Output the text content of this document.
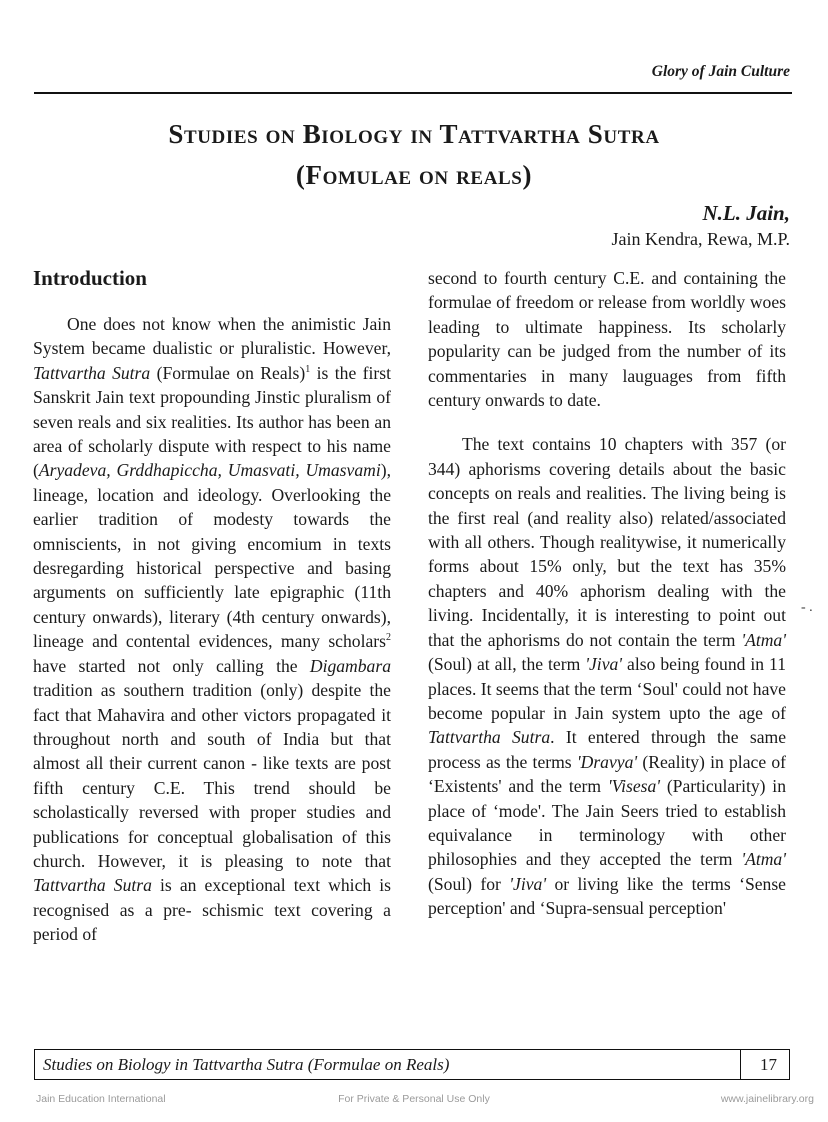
Glory of Jain Culture
Studies on Biology in Tattvartha Sutra
(Fomulae on reals)
N.L. Jain,
Jain Kendra, Rewa, M.P.
Introduction

One does not know when the animistic Jain System became dualistic or pluralistic. However, Tattvartha Sutra (Formulae on Reals)$^1$ is the first Sanskrit Jain text propounding Jinstic pluralism of seven reals and six realities. Its author has been an area of scholarly dispute with respect to his name (Aryadeva, Grddhapiccha, Umasvati, Umasvami), lineage, location and ideology. Overlooking the earlier tradition of modesty towards the omniscients, in not giving encomium in texts desregarding historical perspective and basing arguments on sufficiently late epigraphic (11th century onwards), literary (4th century onwards), lineage and contental evidences, many scholars$^2$ have started not only calling the Digambara tradition as southern tradition (only) despite the fact that Mahavira and other victors propagated it throughout north and south of India but that almost all their current canon - like texts are post fifth century C.E. This trend should be scholastically reversed with proper studies and publications for conceptual globalisation of this church. However, it is pleasing to note that Tattvartha Sutra is an exceptional text which is recognised as a pre- schismic text covering a period of

second to fourth century C.E. and containing the formulae of freedom or release from worldly woes leading to ultimate happiness. Its scholarly popularity can be judged from the number of its commentaries in many lauguages from fifth century onwards to date.

The text contains 10 chapters with 357 (or 344) aphorisms covering details about the basic concepts on reals and realities. The living being is the first real (and reality also) related/associated with all others. Though realitywise, it numerically forms about 15% only, but the text has 35% chapters and 40% aphorism dealing with the living. Incidentally, it is interesting to point out that the aphorisms do not contain the term 'Atma' (Soul) at all, the term 'Jiva' also being found in 11 places. It seems that the term ‘Soul' could not have become popular in Jain system upto the age of Tattvartha Sutra. It entered through the same process as the terms 'Dravya' (Reality) in place of ‘Existents' and the term 'Visesa' (Particularity) in place of ‘mode'. The Jain Seers tried to establish equivalance in terminology with other philosophies and they accepted the term 'Atma' (Soul) for 'Jiva' or living like the terms ‘Sense perception' and ‘Supra-sensual perception'

- .
Studies on Biology in Tattvartha Sutra (Formulae on Reals)	17
Jain Education International	For Private & Personal Use Only	www.jainelibrary.org
